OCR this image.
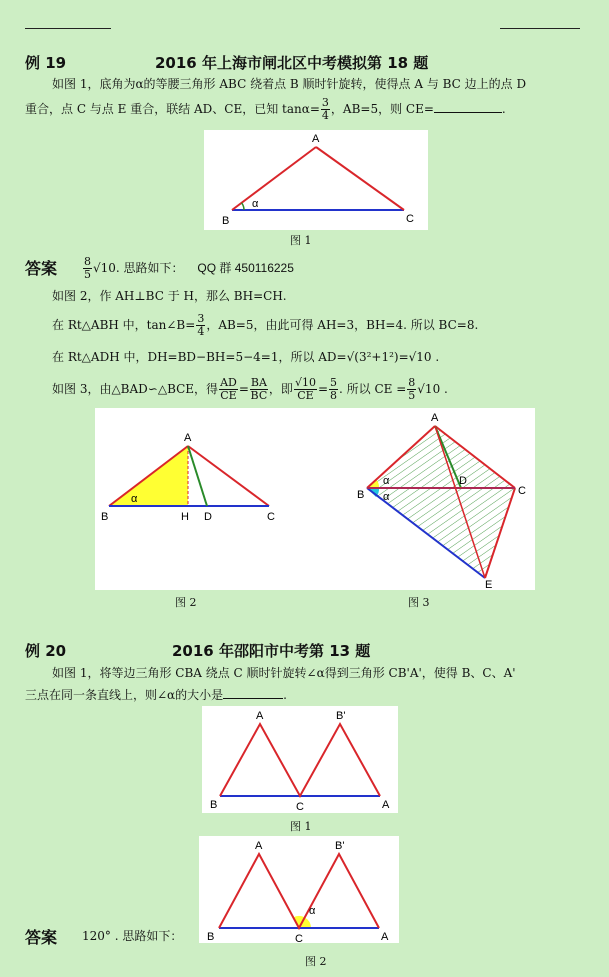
例 19	2016 年上海市闸北区中考模拟第 18 题
如图 1，底角为α的等腰三角形 ABC 绕着点 B 顺时针旋转，使得点 A 与 BC 边上的点 D
重合，点 C 与点 E 重合，联结 AD、CE，已知 $\tan\alpha= \frac{3}{4}$ ，AB=5，则 CE=	.
A
B	C
α
图 1
答案 $\frac{8}{5} √10$. 思路如下： QQ 群 450116225
如图 2，作 AH⊥BC 于 H，那么 BH=CH.
在 Rt△ABH 中，tan∠B= $\frac{3}{4}$ ，AB=5，由此可得 AH=3，BH=4. 所以 BC=8.
在 Rt△ADH 中，DH=BD−BH=5−4=1，所以 AD=√(3²+1²)=√10 .
如图 3，由△BAD∽△BCE，得 $\frac{AD}{CE} = \frac{BA}{BC}$ ，即 $\frac{√10}{CE} = \frac{5}{8}$ . 所以 CE = $\frac{8}{5} √10$ .
A
B	H D	C
α
A
B	C
D
E
α
α
图 2	图 3
例 20	2016 年邵阳市中考第 13 题
如图 1，将等边三角形 CBA 绕点 C 顺时针旋转∠α得到三角形 CB'A'，使得 B、C、A'
三点在同一条直线上，则∠α的大小是	.
A	B'
B	C	A
图 1
A	B'
B	C	A
α
答案 120° . 思路如下：
图 2
